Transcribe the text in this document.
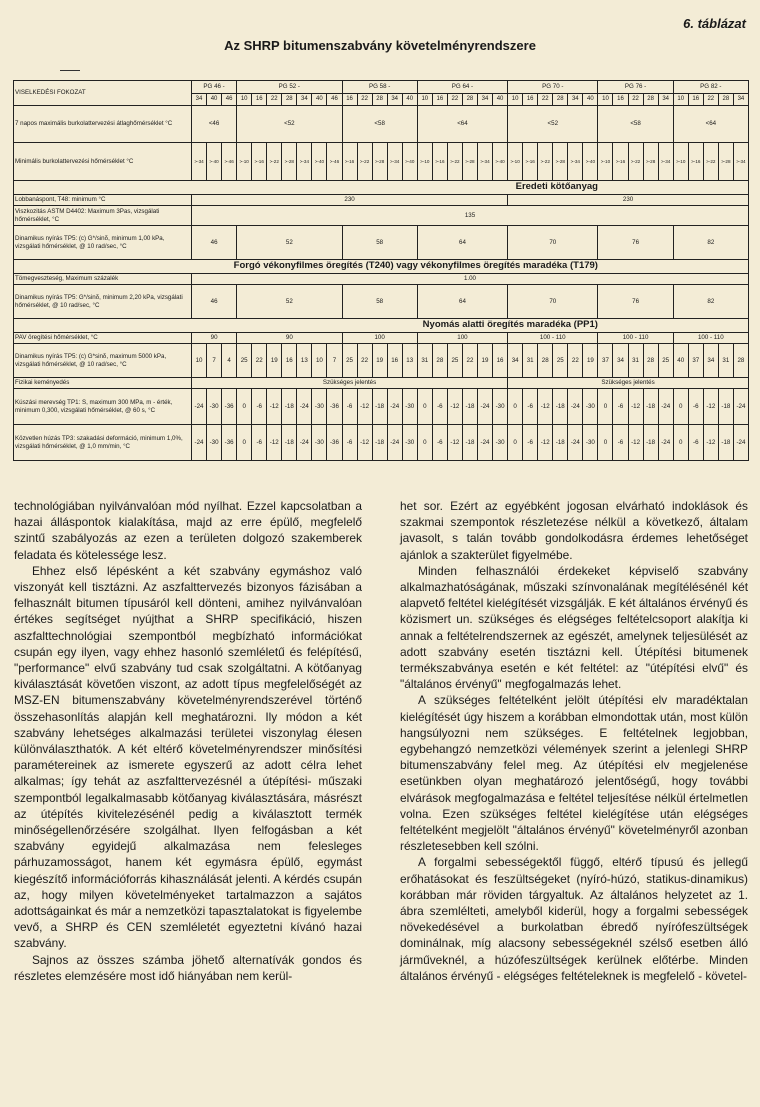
6. táblázat
Az SHRP bitumenszabvány követelményrendszere
VISELKEDÉSI FOKOZAT	PG 46 -			PG 52 -							PG 58 -					PG 64 -						PG 70 -						PG 76 -					PG 82 -				
	34	40	46	10	16	22	28	34	40	46	16	22	28	34	40	10	16	22	28	34	40	10	16	22	28	34	40	10	16	22	28	34	10	16	22	28	34
7 napos maximális burkolattervezési átlaghőmérséklet °C	<46			<52							<58					<64						<52						<58					<64				
Minimális burkolattervezési hőmérséklet °C	>-34	>-40	>-46	>-10	>-16	>-22	>-28	>-34	>-40	>-46	>-16	>-22	>-28	>-34	>-40	>-10	>-16	>-22	>-28	>-34	>-40	>-10	>-16	>-22	>-28	>-34	>-40	>-10	>-16	>-22	>-28	>-34	>-10	>-16	>-22	>-28	>-34
Eredeti kötőanyag																																					
Lobbanáspont, T48: minimum °C	230																					230															
Viszkozitás ASTM D4402: Maximum 3Pas, vizsgálati hőmérséklet, °C	135																																				
Dinamikus nyírás TP5: (c) G*/sinδ, minimum 1,00 kPa, vizsgálati hőmérséklet, @ 10 rad/sec, °C	46			52							58					64						70						76					82				
Forgó vékonyfilmes öregítés (T240) vagy vékonyfilmes öregítés maradéka (T179)																																					
Tömegveszteség, Maximum százalék	1.00																																				
Dinamikus nyírás TP5: G*/sinδ, minimum 2,20 kPa, vizsgálati hőmérséklet, @ 10 rad/sec, °C	46			52							58					64						70						76					82				
Nyomás alatti öregítés maradéka (PP1)																																					
PAV öregítési hőmérséklet, °C	90			90							100					100						100 - 110						100 - 110					100 - 110				
Dinamikus nyírás TP5: (c) G*sinδ, maximum 5000 kPa, vizsgálati hőmérséklet, @ 10 rad/sec, °C	10	7	4	25	22	19	16	13	10	7	25	22	19	16	13	31	28	25	22	19	16	34	31	28	25	22	19	37	34	31	28	25	40	37	34	31	28
Fizikai keményedés	Szükséges jelentés																					Szükséges jelentés															
Kúszási merevség TP1: S, maximum 300 MPa, m - érték, minimum 0,300, vizsgálati hőmérséklet, @ 60 s, °C	-24	-30	-36	0	-6	-12	-18	-24	-30	-36	-6	-12	-18	-24	-30	0	-6	-12	-18	-24	-30	0	-6	-12	-18	-24	-30	0	-6	-12	-18	-24	0	-6	-12	-18	-24
Közvetlen húzás TP3: szakadási deformáció, minimum 1,0%, vizsgálati hőmérséklet, @ 1,0 mm/min, °C	-24	-30	-36	0	-6	-12	-18	-24	-30	-36	-6	-12	-18	-24	-30	0	-6	-12	-18	-24	-30	0	-6	-12	-18	-24	-30	0	-6	-12	-18	-24	0	-6	-12	-18	-24

technológiában nyilvánvalóan mód nyílhat. Ezzel kapcsolatban a hazai álláspontok kialakítása, majd az erre épülő, megfelelő szintű szabályozás az ezen a területen dolgozó szakemberek feladata és kötelessége lesz.

Ehhez első lépésként a két szabvány egymáshoz való viszonyát kell tisztázni. Az aszfalttervezés bizonyos fázisában a felhasznált bitumen típusáról kell dönteni, amihez nyilvánvalóan értékes segítséget nyújthat a SHRP specifikáció, hiszen aszfalttechnológiai szempontból megbízható információkat csupán egy ilyen, vagy ehhez hasonló szemléletű és felépítésű, "performance" elvű szabvány tud csak szolgáltatni. A kötőanyag kiválasztását követően viszont, az adott típus megfelelőségét az MSZ-EN bitumenszabvány követelményrendszerével történő összehasonlítás alapján kell meghatározni. Ily módon a két szabvány lehetséges alkalmazási területei viszonylag élesen különválaszthatók. A két eltérő követelményrendszer minősítési paramétereinek az ismerete egyszerű az adott célra lehet alkalmas; így tehát az aszfalttervezésnél a útépítési- műszaki szempontból legalkalmasabb kötőanyag kiválasztására, másrészt az útépítés kivitelezésénél pedig a kiválasztott termék minőségellenőrzésére szolgálhat. Ilyen felfogásban a két szabvány egyidejű alkalmazása nem felesleges párhuzamosságot, hanem két egymásra épülő, egymást kiegészítő információforrás kihasználását jelenti. A kérdés csupán az, hogy milyen követelményeket tartalmazzon a sajátos adottságainkat és már a nemzetközi tapasztalatokat is figyelembe vevő, a SHRP és CEN szemléletét egyeztetni kívánó hazai szabvány.

Sajnos az összes számba jöhető alternatívák gondos és részletes elemzésére most idő hiányában nem kerül-

het sor. Ezért az egyébként jogosan elvárható indoklások és szakmai szempontok részletezése nélkül a következő, általam javasolt, s talán tovább gondolkodásra érdemes lehetőséget ajánlok a szakterület figyelmébe.

Minden felhasználói érdekeket képviselő szabvány alkalmazhatóságának, műszaki színvonalának megítélésénél két alapvető feltétel kielégítését vizsgálják. E két általános érvényű és közismert un. szükséges és elégséges feltételcsoport alakítja ki annak a feltételrendszernek az egészét, amelynek teljesülését az adott szabvány esetén tisztázni kell. Útépítési bitumenek termékszabványa esetén e két feltétel: az "útépítési elvű" és "általános érvényű" megfogalmazás lehet.

A szükséges feltételként jelölt útépítési elv maradéktalan kielégítését úgy hiszem a korábban elmondottak után, most külön hangsúlyozni nem szükséges. E feltételnek legjobban, egybehangzó nemzetközi vélemények szerint a jelenlegi SHRP bitumenszabvány felel meg. Az útépítési elv megjelenése esetünkben olyan meghatározó jelentőségű, hogy további elvárások megfogalmazása e feltétel teljesítése nélkül értelmetlen volna. Ezen szükséges feltétel kielégítése után elégséges feltételként megjelölt "általános érvényű" követelményről azonban részletesebben kell szólni.

A forgalmi sebességektől függő, eltérő típusú és jellegű erőhatásokat és feszültségeket (nyíró-húzó, statikus-dinamikus) korábban már röviden tárgyaltuk. Az általános helyzetet az 1. ábra szemlélteti, amelyből kiderül, hogy a forgalmi sebességek növekedésével a burkolatban ébredő nyírófeszültségek dominálnak, míg alacsony sebességeknél szélső esetben álló járműveknél, a húzófeszültségek kerülnek előtérbe. Minden általános érvényű - elégséges feltételeknek is megfelelő - követel-
